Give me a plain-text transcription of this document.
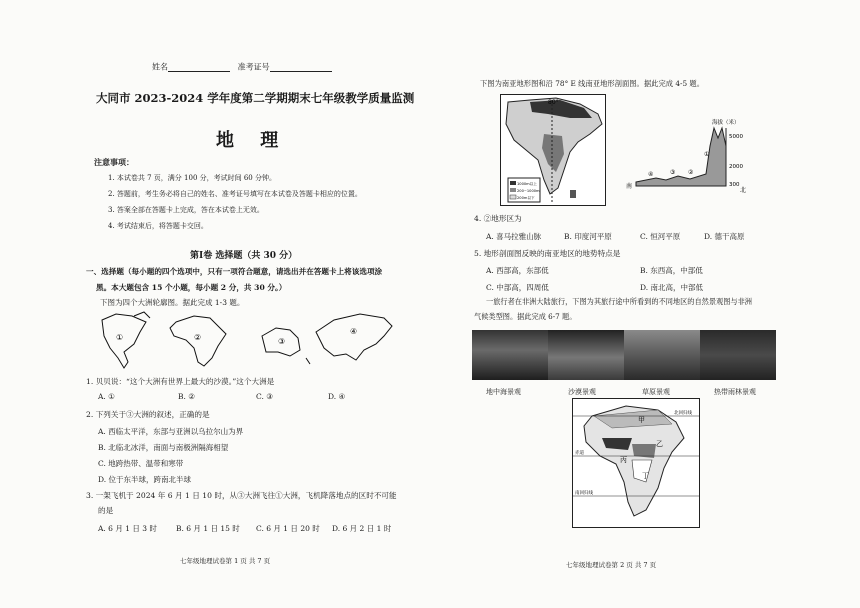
姓名	准考证号
大同市 2023-2024 学年度第二学期期末七年级教学质量监测
地 理
注意事项：
1. 本试卷共 7 页，满分 100 分，考试时间 60 分钟。
2. 答题前，考生务必将自己的姓名、准考证号填写在本试卷及答题卡相应的位置。
3. 答案全部在答题卡上完成，答在本试卷上无效。
4. 考试结束后，将答题卡交回。
第Ⅰ卷 选择题（共 30 分）
一、选择题（每小题的四个选项中，只有一项符合题意，请选出并在答题卡上将该选项涂
黑。本大题包含 15 个小题，每小题 2 分，共 30 分。）
下图为四个大洲轮廓图。据此完成 1-3 题。
①	②	③
④
1. 贝贝说：“这个大洲有世界上最大的沙漠。”这个大洲是
A. ①	B. ②	C. ③	D. ④
2. 下列关于③大洲的叙述，正确的是
A. 西临太平洋，东部与亚洲以乌拉尔山为界
B. 北临北冰洋，南面与南极洲隔海相望
C. 地跨热带、温带和寒带
D. 位于东半球，跨南北半球
3. 一架飞机于 2024 年 6 月 1 日 10 时，从③大洲飞往①大洲，飞机降落地点的区时不可能
的是
A. 6 月 1 日 3 时	B. 6 月 1 日 15 时 C. 6 月 1 日 20 时 D. 6 月 2 日 1 时
七年级地理试卷第 1 页 共 7 页
下图为南亚地形图和沿 78° E 线南亚地形剖面图。据此完成 4-5 题。
80°
1000m以上
200~1000m
200m以下
海拔（米）
5000
2000
300
南
北
④	③ ②
①
4. ②地形区为
A. 喜马拉雅山脉	B. 印度河平原	C. 恒河平原	D. 德干高原
5. 地形剖面图反映的南亚地区的地势特点是
A. 西部高，东部低	B. 东西高，中部低
C. 中部高，四周低	D. 南北高，中部低
一旅行者在非洲大陆旅行，下图为其旅行途中所看到的不同地区的自然景观图与非洲
气候类型图。据此完成 6-7 题。
地中海景观	沙漠景观	草原景观	热带雨林景观
北回归线
赤道
南回归线
甲
乙
丙
丁
七年级地理试卷第 2 页 共 7 页
